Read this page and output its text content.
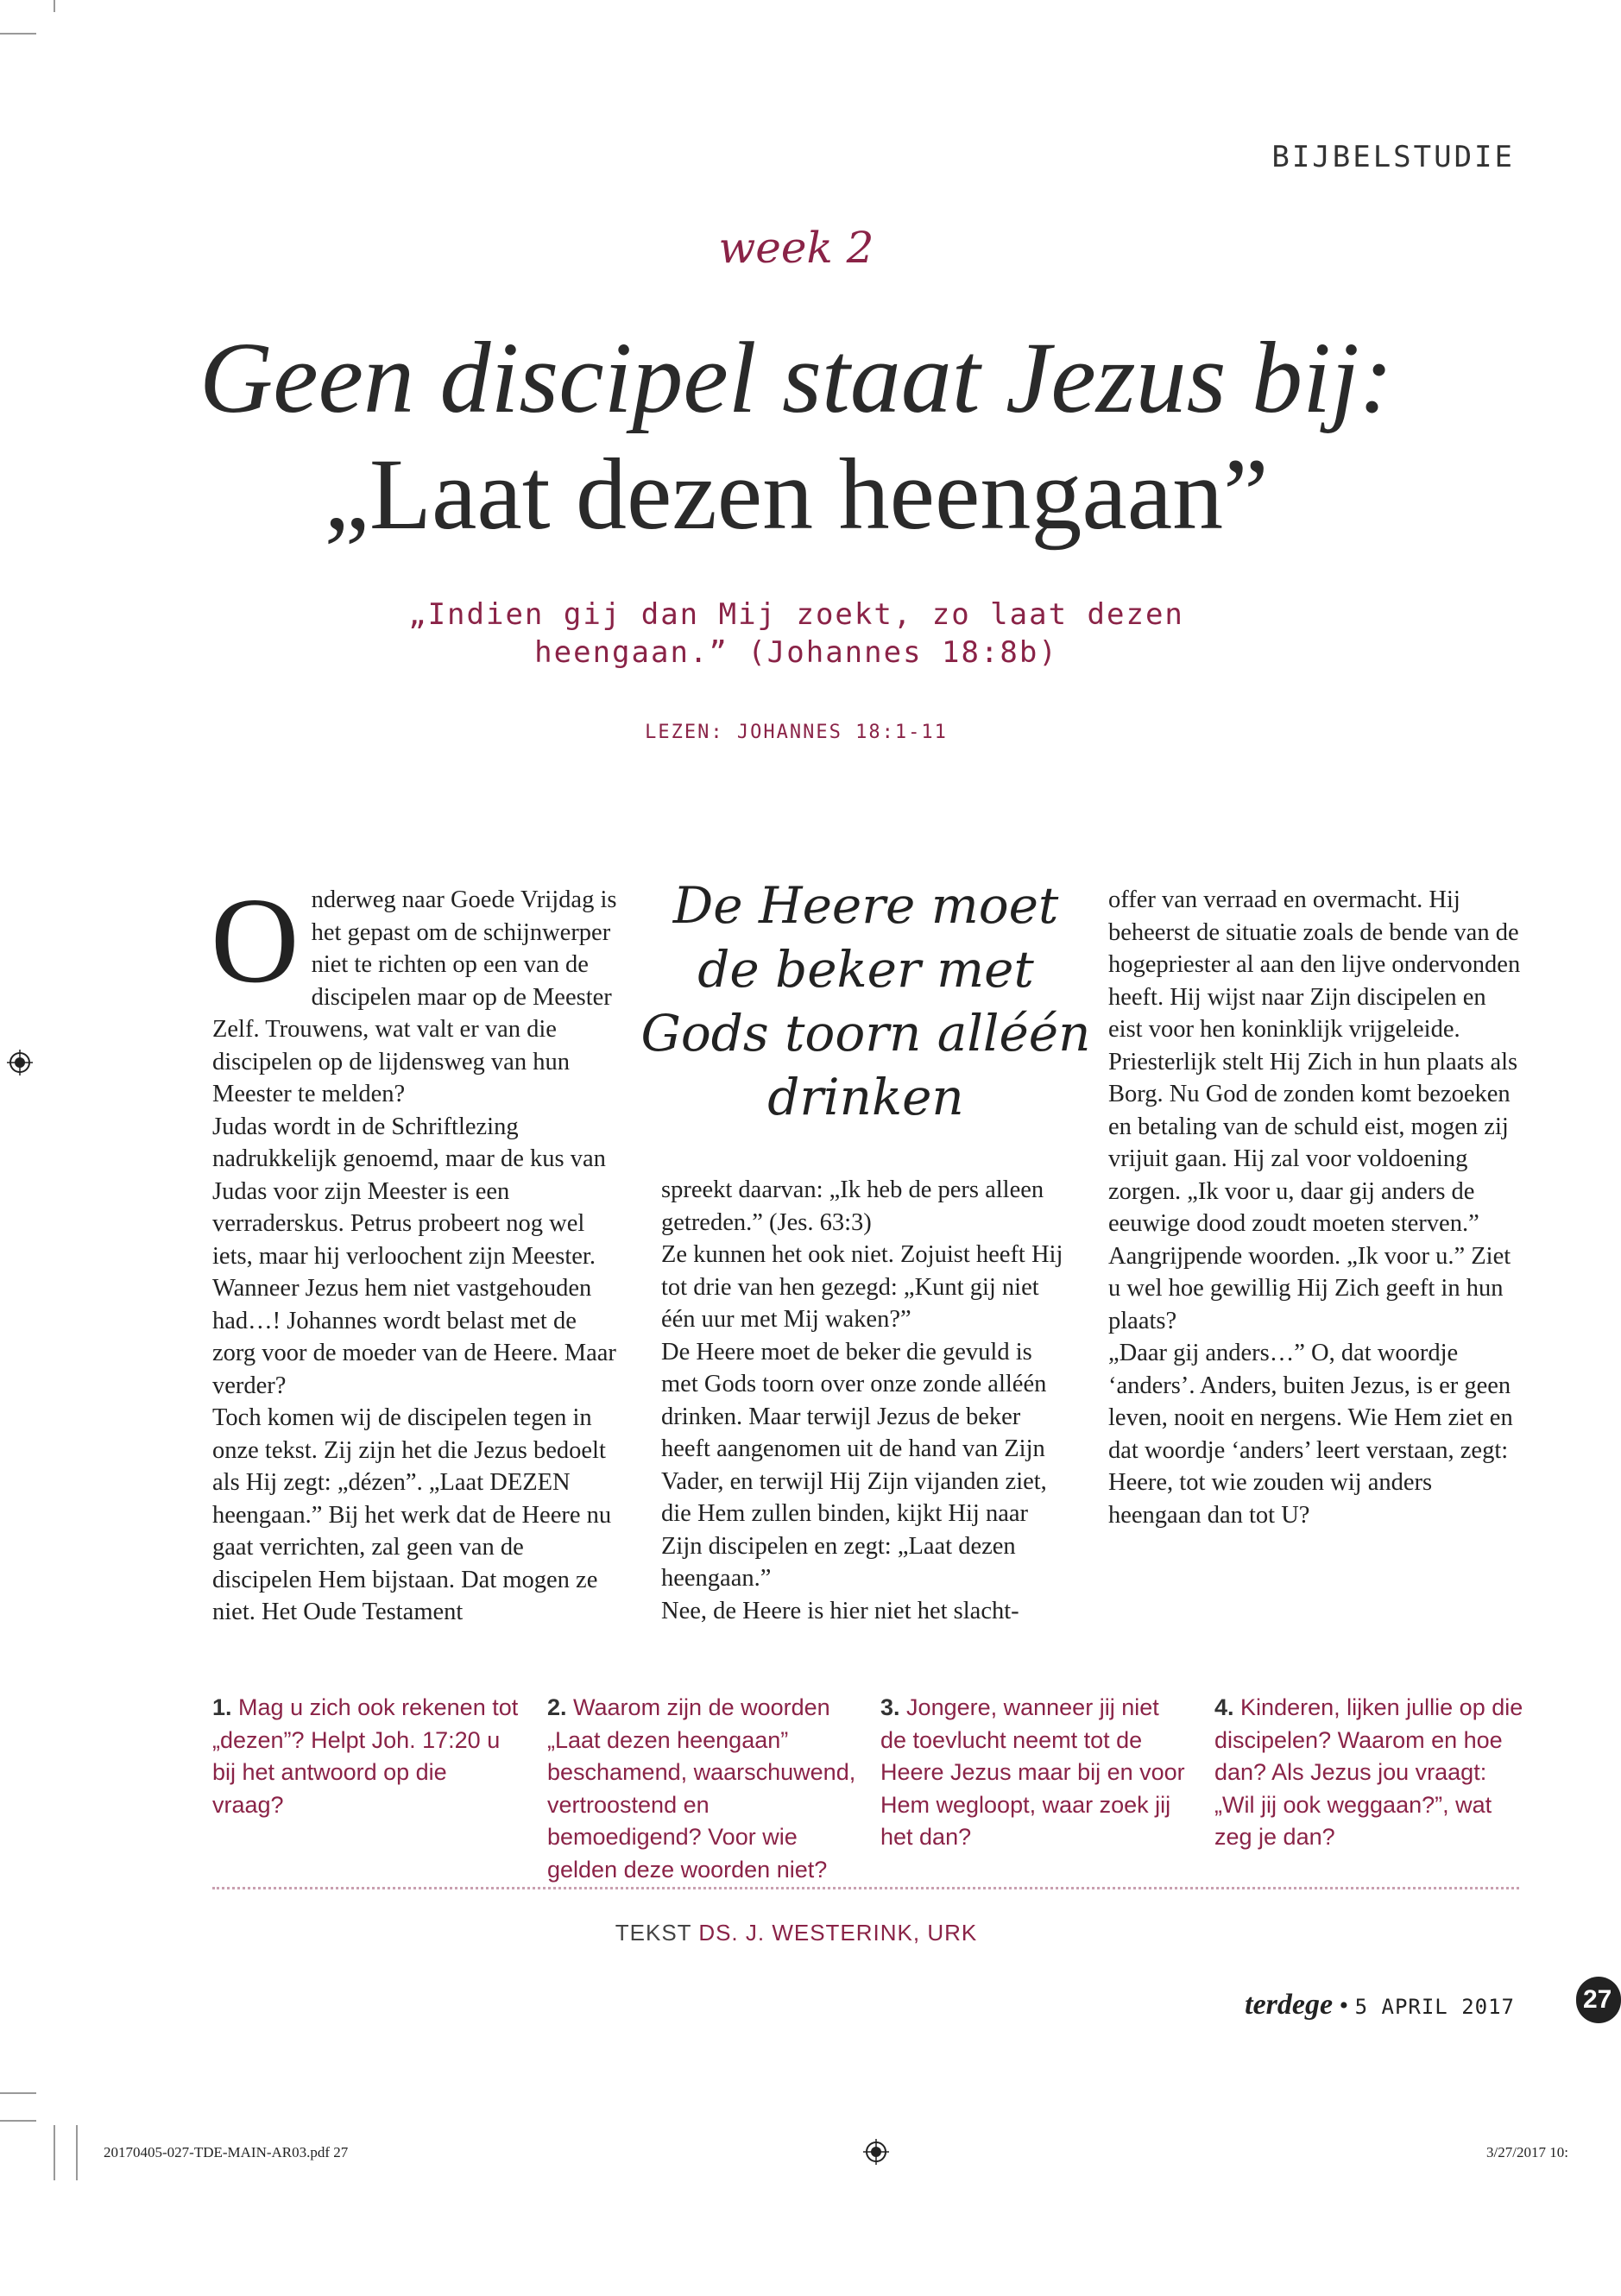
BIJBELSTUDIE
week 2
Geen discipel staat Jezus bij:
„Laat dezen heengaan”
„Indien gij dan Mij zoekt, zo laat dezen heengaan.” (Johannes 18:8b)
LEZEN: JOHANNES 18:1-11

Onderweg naar Goede Vrijdag is het gepast om de schijnwerper niet te richten op een van de discipelen maar op de Meester Zelf. Trouwens, wat valt er van die discipelen op de lijdensweg van hun Meester te melden?

Judas wordt in de Schriftlezing nadrukkelijk genoemd, maar de kus van Judas voor zijn Meester is een verraderskus. Petrus probeert nog wel iets, maar hij verloochent zijn Meester. Wanneer Jezus hem niet vastgehouden had…! Johannes wordt belast met de zorg voor de moeder van de Heere. Maar verder?

Toch komen wij de discipelen tegen in onze tekst. Zij zijn het die Jezus bedoelt als Hij zegt: „dézen”. „Laat DEZEN heengaan.” Bij het werk dat de Heere nu gaat verrichten, zal geen van de discipelen Hem bijstaan. Dat mogen ze niet. Het Oude Testament

De Heere moet de beker met Gods toorn alléén drinken

spreekt daarvan: „Ik heb de pers alleen getreden.” (Jes. 63:3)

Ze kunnen het ook niet. Zojuist heeft Hij tot drie van hen gezegd: „Kunt gij niet één uur met Mij waken?”

De Heere moet de beker die gevuld is met Gods toorn over onze zonde alléén drinken. Maar terwijl Jezus de beker heeft aangenomen uit de hand van Zijn Vader, en terwijl Hij Zijn vijanden ziet, die Hem zullen binden, kijkt Hij naar Zijn discipelen en zegt: „Laat dezen heengaan.”

Nee, de Heere is hier niet het slacht-

offer van verraad en overmacht. Hij beheerst de situatie zoals de bende van de hogepriester al aan den lijve ondervonden heeft. Hij wijst naar Zijn discipelen en eist voor hen koninklijk vrijgeleide. Priesterlijk stelt Hij Zich in hun plaats als Borg. Nu God de zonden komt bezoeken en betaling van de schuld eist, mogen zij vrijuit gaan. Hij zal voor voldoening zorgen. „Ik voor u, daar gij anders de eeuwige dood zoudt moeten sterven.”

Aangrijpende woorden. „Ik voor u.” Ziet u wel hoe gewillig Hij Zich geeft in hun plaats?

„Daar gij anders…” O, dat woordje ‘anders’. Anders, buiten Jezus, is er geen leven, nooit en nergens. Wie Hem ziet en dat woordje ‘anders’ leert verstaan, zegt: Heere, tot wie zouden wij anders heengaan dan tot U?

1. Mag u zich ook rekenen tot „dezen”? Helpt Joh. 17:20 u bij het antwoord op die vraag?

2. Waarom zijn de woorden „Laat dezen heengaan” beschamend, waarschuwend, vertroostend en bemoedigend? Voor wie gelden deze woorden niet?

3. Jongere, wanneer jij niet de toevlucht neemt tot de Heere Jezus maar bij en voor Hem wegloopt, waar zoek jij het dan?

4. Kinderen, lijken jullie op die discipelen? Waarom en hoe dan? Als Jezus jou vraagt: „Wil jij ook weggaan?”, wat zeg je dan?

TEKST DS. J. WESTERINK, URK
terdege • 5 APRIL 2017	27
20170405-027-TDE-MAIN-AR03.pdf 27	3/27/2017 10:
